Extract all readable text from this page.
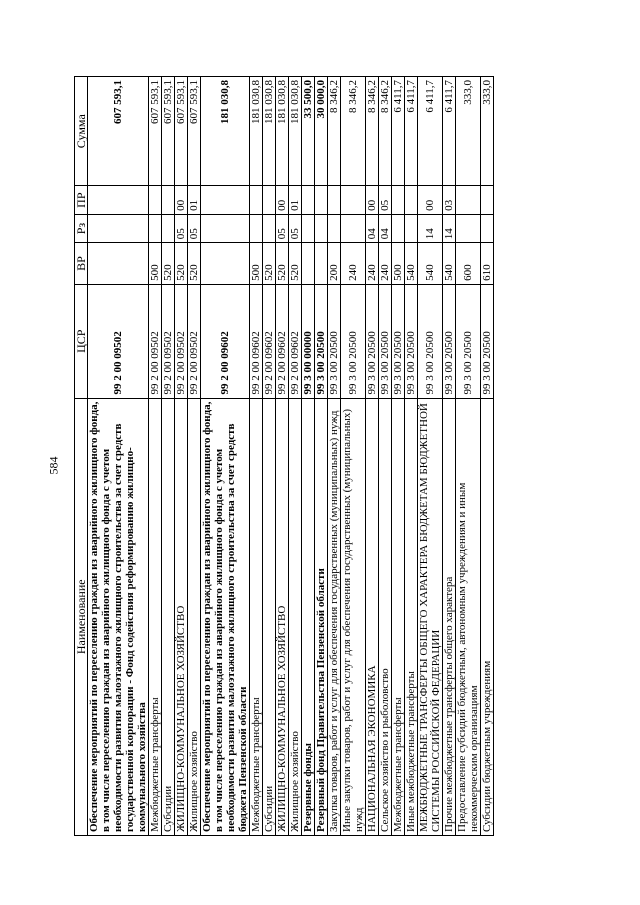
584
Наименование	ЦСР	ВР	Рз	ПР	Сумма
Обеспечение мероприятий по переселению граждан из аварийного жилищного фонда, в том числе переселению граждан из аварийного жилищного фонда с учетом необходимости развития малоэтажного жилищного строительства за счет средств государственной корпорации - Фонд содействия реформированию жилищно-коммунального хозяйства	99 2 00 09502				607 593,1
Межбюджетные трансферты	99 2 00 09502	500			607 593,1
Субсидии	99 2 00 09502	520			607 593,1
ЖИЛИЩНО-КОММУНАЛЬНОЕ ХОЗЯЙСТВО	99 2 00 09502	520	05	00	607 593,1
Жилищное хозяйство	99 2 00 09502	520	05	01	607 593,1
Обеспечение мероприятий по переселению граждан из аварийного жилищного фонда, в том числе переселению граждан из аварийного жилищного фонда с учетом необходимости развития малоэтажного жилищного строительства за счет средств бюджета Пензенской области	99 2 00 09602				181 030,8
Межбюджетные трансферты	99 2 00 09602	500			181 030,8
Субсидии	99 2 00 09602	520			181 030,8
ЖИЛИЩНО-КОММУНАЛЬНОЕ ХОЗЯЙСТВО	99 2 00 09602	520	05	00	181 030,8
Жилищное хозяйство	99 2 00 09602	520	05	01	181 030,8
Резервные фонды	99 3 00 00000				33 500,0
Резервный фонд Правительства Пензенской области	99 3 00 20500				30 000,0
Закупка товаров, работ и услуг для обеспечения государственных (муниципальных) нужд	99 3 00 20500	200			8 346,2
Иные закупки товаров, работ и услуг для обеспечения государственных (муниципальных) нужд	99 3 00 20500	240			8 346,2
НАЦИОНАЛЬНАЯ ЭКОНОМИКА	99 3 00 20500	240	04	00	8 346,2
Сельское хозяйство и рыболовство	99 3 00 20500	240	04	05	8 346,2
Межбюджетные трансферты	99 3 00 20500	500			6 411,7
Иные межбюджетные трансферты	99 3 00 20500	540			6 411,7
МЕЖБЮДЖЕТНЫЕ ТРАНСФЕРТЫ ОБЩЕГО ХАРАКТЕРА БЮДЖЕТАМ БЮДЖЕТНОЙ СИСТЕМЫ РОССИЙСКОЙ ФЕДЕРАЦИИ	99 3 00 20500	540	14	00	6 411,7
Прочие межбюджетные трансферты общего характера	99 3 00 20500	540	14	03	6 411,7
Предоставление субсидий бюджетным, автономным учреждениям и иным некоммерческим организациям	99 3 00 20500	600			333,0
Субсидии бюджетным учреждениям	99 3 00 20500	610			333,0
